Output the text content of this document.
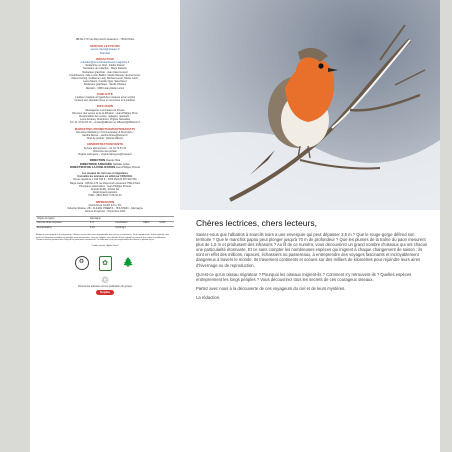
NB bis 170 rue Raymond Losserand – 75014 Paris

SERVICE LECTEURS

service.clients@oiseaux.fr

Standard

RÉDACTION

redaction@lemondedesoiseaux.magazine.fr

Rédactrice en Chef : Elodie Pascal

Secrétaire de rédaction : Marie Debarre

Rédacteur graphiste : Jean Kacel Louvel

Contributeurs : Elie Lucier-Bailloz, David Clarassy, Emma Genci,

Naomi Kerling, Guillaume Laity, Michael Lesch, Manel Lorici,

Laura Mears, Camille Ogot, Sara Pérez

Rédacteur graphique : Studio Oiseaux

Révision : CBRI Jean-Marie Lorico

PUBLICITÉ

L'éditeur n'adopte à l'égard des marques qu'un emploi

contenir aux clientèle mises en annonces et à publicité.

DIFFUSION

Messageries Lyonnaises de Presse

Directeur des ventes et de la diffusion : Jean-Philippe Piron

Responsable des ventes, réglages, réassorts :

Louis-Arbaney Chambord, Virginie Sanvalant

Tél. 01 47 00 03 10 – ventes@diffusion et diffusion@diffusion.fr

MARKETING PROMOTION/PARTENARIATS

Directrice Marketing / Communication & Promotion :

Sandra Bossé – sandra.bosse@bossel.fr

Chef de produit : Noémie Blisson

ADMINISTRATION/VENTE

Service abonnement – 01 44 70 57 24

Directrice des achats

Virginie Labruyère – virginie.labruyere@bossel.fr

DIRECTION Claude Oliva

DIRECTRICE ASSOCIÉE Nathalie Cohen

DIRECTEUR DE LA PUBLICATION Jean-Philippe Péroud

Les oiseaux du ciel nous et migrateurs

Connaître les animaux est édité par CRACOAL

SA au capital de 1 044 636 € – RCS Paris B 397 922 661

Siège social : 168 bis 170 rue Raymond Losserand 75014 Paris

Principaux actionnaires : Jean-Philippe Péroud

Autodé SAML, Finatis SA

Dépôt légal à parution

ISSN : 2919-3917-X 06-30-23

IMPRESSION

Frank Druck GmbH & Co. KG

Industrie Strasse, 2B – D-24211 PREETZ – HOLSTEIN – Allemagne

Achevé d'imprimer : Novembre 2023

Origine du papier	Allemagne			
Taux de fibres recyclées	0 %	Certification	PEFC	0,003
Eutrophisation	P tot	0,009 kg/t		

Malgré le soin apporté à la préparation, l'éditeur ne peut être tenu responsable des erreurs et omissions. Toute reproduction, même partielle, des textes et illustrations publiés est interdite sans autorisation. Les prix indiqués sont donnés à titre indicatif et peuvent être sujets à modification. Certains articles peuvent faire l'objet d'un partenariat commercial. La rédaction n'est pas responsable des textes et photos reçus.

Crédits photos : Adobe Stock

♻	✿	🌲
♲

Donnez-les animaux est une publication du groupe

Sophie
Chères lectrices, chers lecteurs,

Saviez-vous que l'albatros à sourcils noirs a une envergure qui peut dépasser 3,5 m ? Que le rouge-gorge défend son territoire ? Que le manchot papou peut plonger jusqu'à 70 m de profondeur ? Que les plumes de la traîne du paon mesurent plus de 1,5 m et produisent des infrasons ? Au fil de ce numéro, vous découvrirez un grand nombre d'oiseaux qui ont chacun une particularité étonnante. Et ce sans compter les nombreuses espèces qui migrent à chaque changement de saison ; ils sont en effet des millions, rapaces, échassiers ou passereaux, à entreprendre des voyages fascinants et incroyablement dangereux à travers le monde. Ils traversent continents et océans sur des milliers de kilomètres pour rejoindre leurs aires d'hivernage ou de reproduction.

Qu'est-ce qu'un oiseau migrateur ? Pourquoi les oiseaux migrent-ils ? Comment s'y retrouvent-ils ? Quelles espèces entreprennent les longs périples ? Vous découvrirez tous les secrets de ces courageux oiseaux.

Partez avec nous à la découverte de ces voyageurs du ciel et de leurs mystères.

La rédaction.
